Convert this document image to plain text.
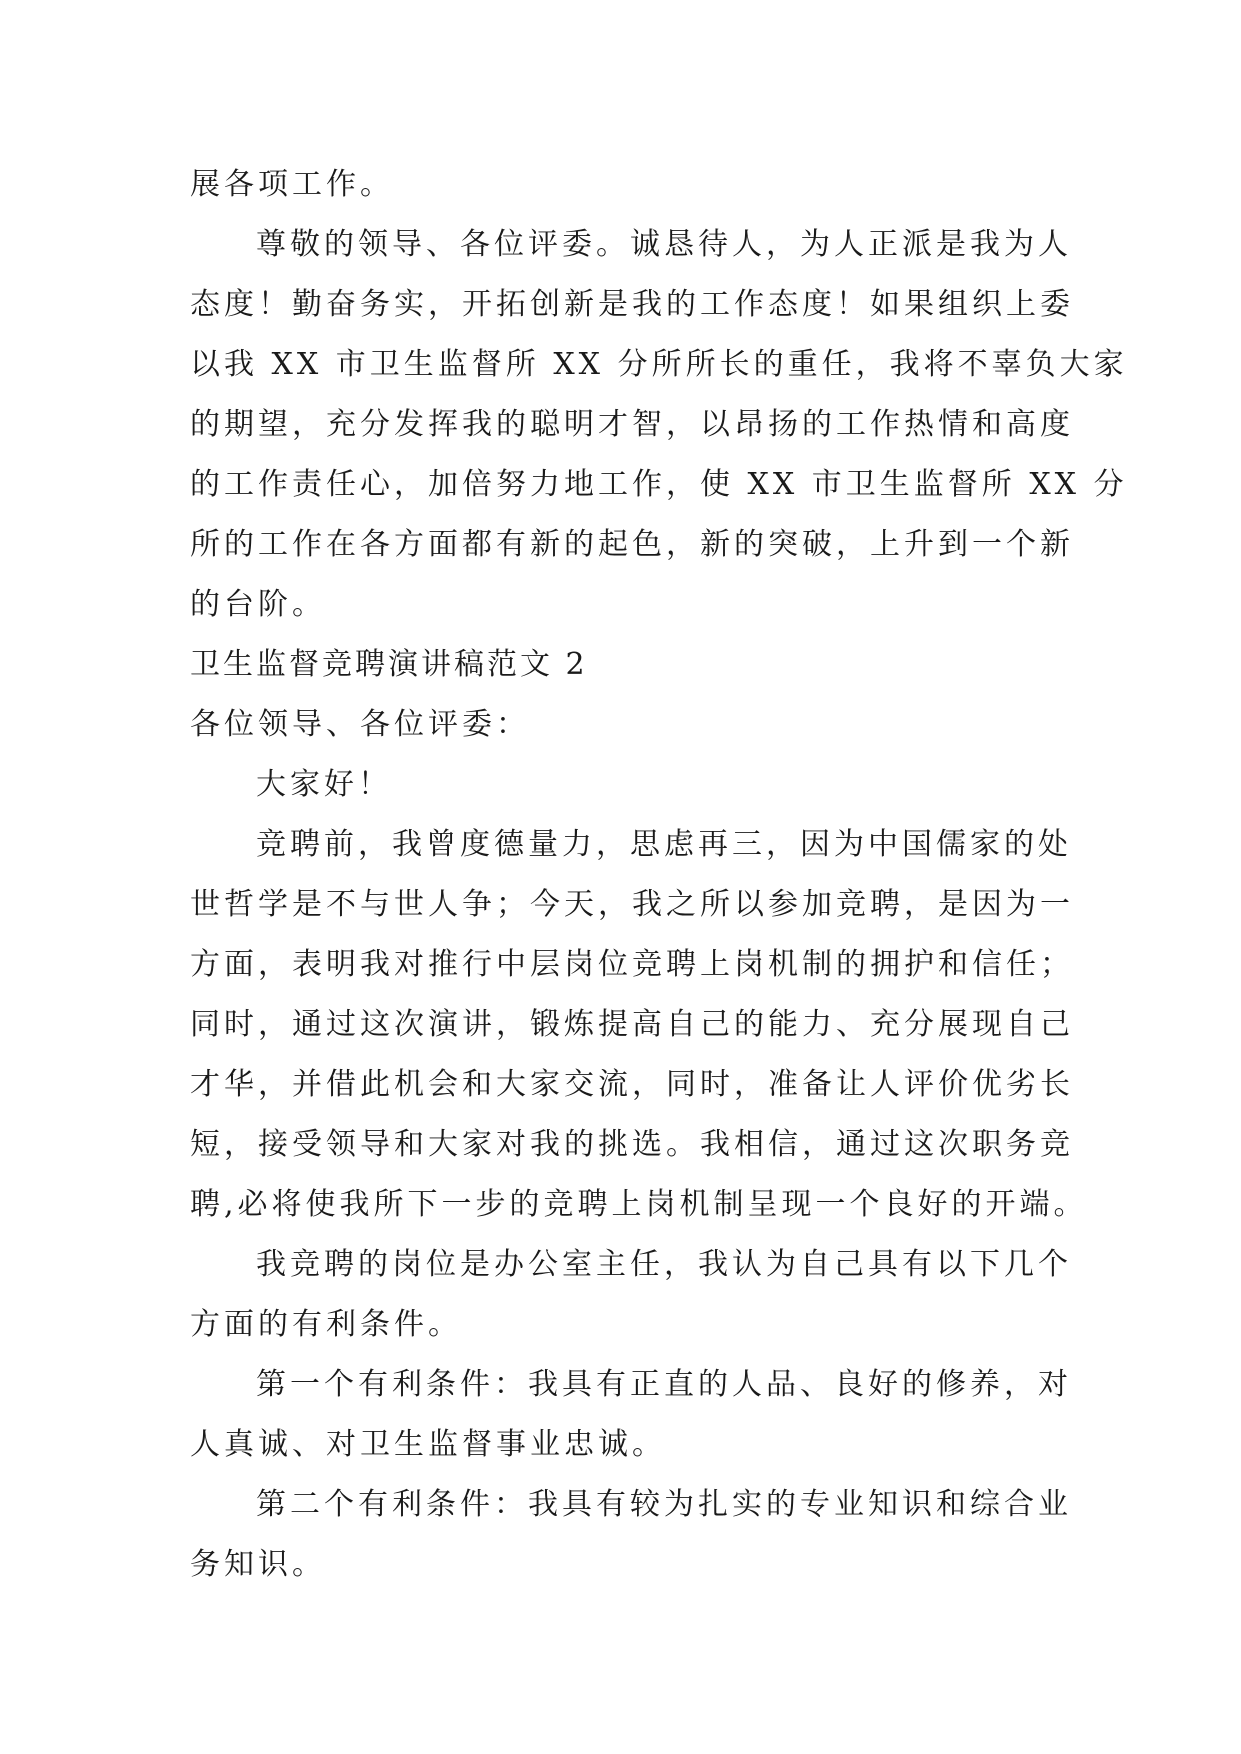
展各项工作。
尊敬的领导、各位评委。诚恳待人，为人正派是我为人
态度！勤奋务实，开拓创新是我的工作态度！如果组织上委
以我 XX 市卫生监督所 XX 分所所长的重任，我将不辜负大家
的期望，充分发挥我的聪明才智，以昂扬的工作热情和高度
的工作责任心，加倍努力地工作，使 XX 市卫生监督所 XX 分
所的工作在各方面都有新的起色，新的突破，上升到一个新
的台阶。
卫生监督竞聘演讲稿范文 2
各位领导、各位评委：
大家好！
竞聘前，我曾度德量力，思虑再三，因为中国儒家的处
世哲学是不与世人争；今天，我之所以参加竞聘，是因为一
方面，表明我对推行中层岗位竞聘上岗机制的拥护和信任；
同时，通过这次演讲，锻炼提高自己的能力、充分展现自己
才华，并借此机会和大家交流，同时，准备让人评价优劣长
短，接受领导和大家对我的挑选。我相信，通过这次职务竞
聘,必将使我所下一步的竞聘上岗机制呈现一个良好的开端。
我竞聘的岗位是办公室主任，我认为自己具有以下几个
方面的有利条件。
第一个有利条件：我具有正直的人品、良好的修养，对
人真诚、对卫生监督事业忠诚。
第二个有利条件：我具有较为扎实的专业知识和综合业
务知识。
